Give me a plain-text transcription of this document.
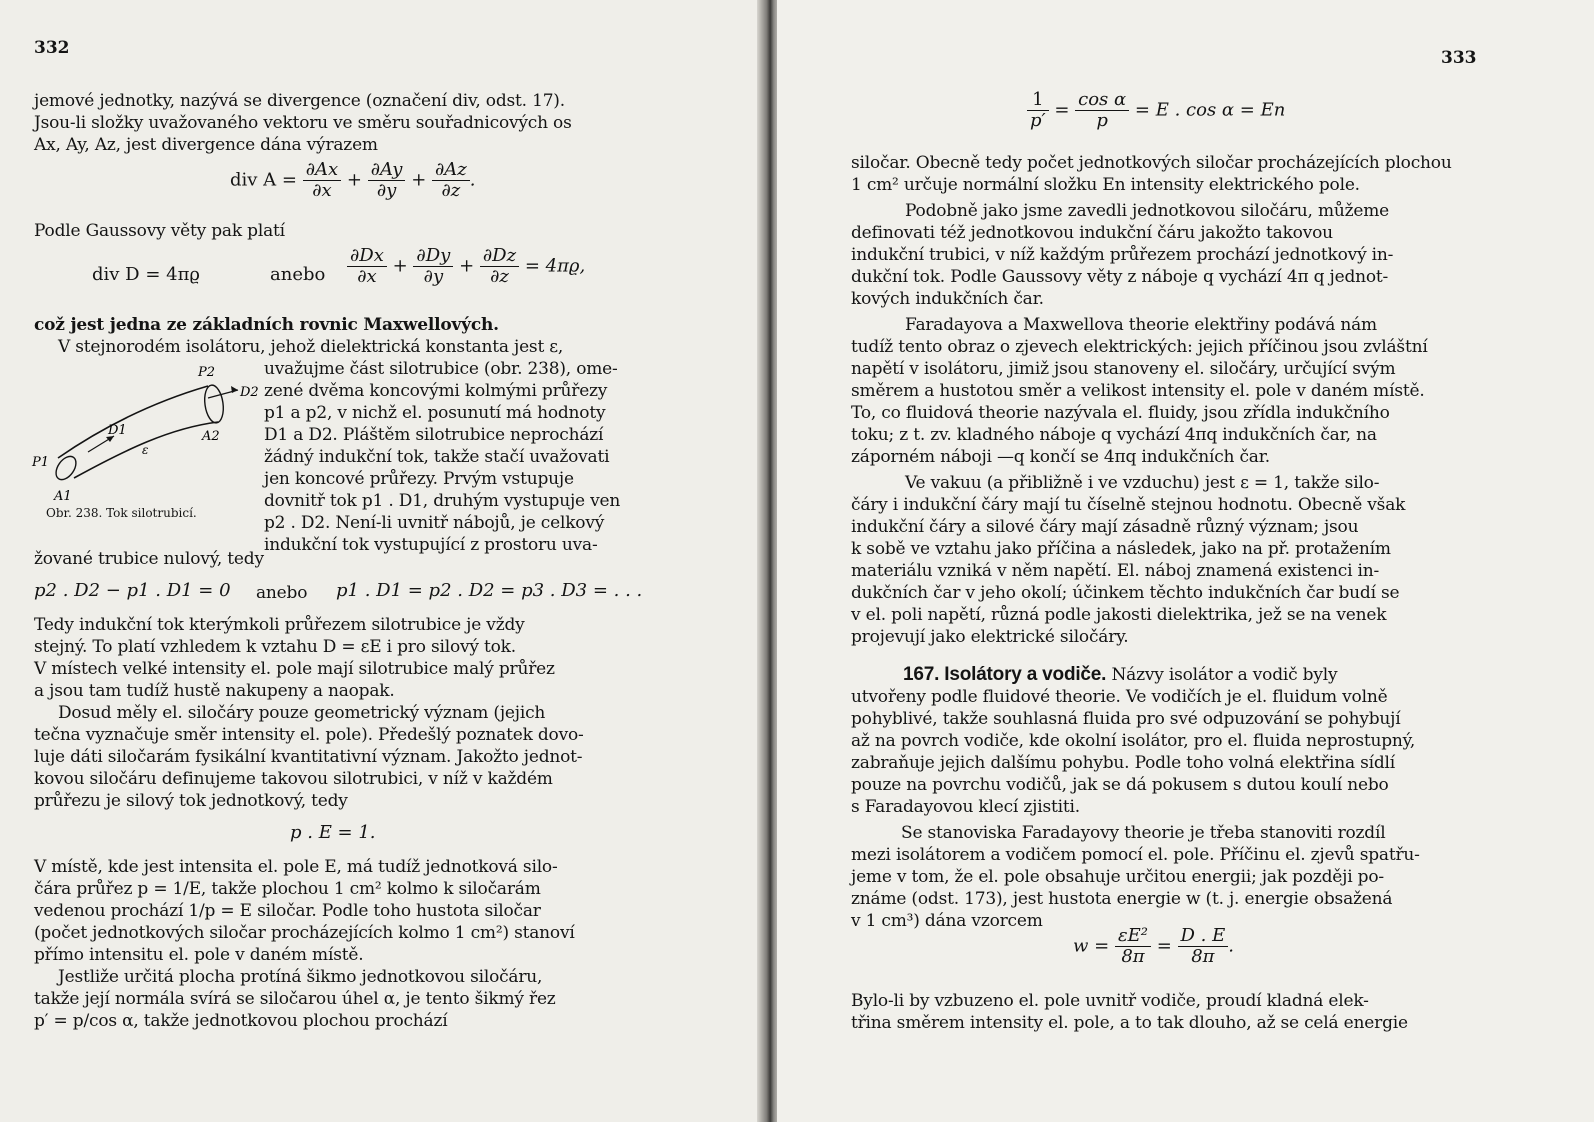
332
jemové jednotky, nazývá se divergence (označení div, odst. 17).
Jsou-li složky uvažovaného vektoru ve směru souřadnicových os
Ax, Ay, Az, jest divergence dána výrazem
div $A = \frac{\partial Ax}{\partial x} + \frac{\partial Ay}{\partial y} + \frac{\partial Az}{\partial z}$ .
Podle Gaussovy věty pak platí
div D = 4πϱ	anebo $\frac{\partial Dx}{\partial x} + \frac{\partial Dy}{\partial y} + \frac{\partial Dz}{\partial z} = 4\pi ϱ$,
což jest jedna ze základních rovnic Maxwellových.
V stejnorodém isolátoru, jehož dielektrická konstanta jest ε,
P2
D2
D1
ε
A2
P1
A1
Obr. 238. Tok silotrubicí.
uvažujme část silotrubice (obr. 238), ome-
zené dvěma koncovými kolmými průřezy
p1 a p2, v nichž el. posunutí má hodnoty
D1 a D2. Pláštěm silotrubice neprochází
žádný indukční tok, takže stačí uvažovati
jen koncové průřezy. Prvým vstupuje
dovnitř tok p1 . D1, druhým vystupuje ven
p2 . D2. Není-li uvnitř nábojů, je celkový
indukční tok vystupující z prostoru uva-
žované trubice nulový, tedy
p2 . D2 − p1 . D1 = 0 anebo p1 . D1 = p2 . D2 = p3 . D3 = . . .
Tedy indukční tok kterýmkoli průřezem silotrubice je vždy
stejný. To platí vzhledem k vztahu D = εE i pro silový tok.
V místech velké intensity el. pole mají silotrubice malý průřez
a jsou tam tudíž hustě nakupeny a naopak.
Dosud měly el. siločáry pouze geometrický význam (jejich
tečna vyznačuje směr intensity el. pole). Předešlý poznatek dovo-
luje dáti siločarám fysikální kvantitativní význam. Jakožto jednot-
kovou siločáru definujeme takovou silotrubici, v níž v každém
průřezu je silový tok jednotkový, tedy
p . E = 1.
V místě, kde jest intensita el. pole E, má tudíž jednotková silo-
čára průřez p = 1/E, takže plochou 1 cm² kolmo k siločarám
vedenou prochází 1/p = E siločar. Podle toho hustota siločar
(počet jednotkových siločar procházejících kolmo 1 cm²) stanoví
přímo intensitu el. pole v daném místě.
Jestliže určitá plocha protíná šikmo jednotkovou siločáru,
takže její normála svírá se siločarou úhel α, je tento šikmý řez
p′ = p/cos α, takže jednotkovou plochou prochází
333
$\frac{1}{p'} = \frac{\text{cos α}}{p} = E$ . cos α = En
siločar. Obecně tedy počet jednotkových siločar procházejících plochou
1 cm² určuje normální složku En intensity elektrického pole.
Podobně jako jsme zavedli jednotkovou siločáru, můžeme
definovati též jednotkovou indukční čáru jakožto takovou
indukční trubici, v níž každým průřezem prochází jednotkový in-
dukční tok. Podle Gaussovy věty z náboje q vychází 4π q jednot-
kových indukčních čar.
Faradayova a Maxwellova theorie elektřiny podává nám
tudíž tento obraz o zjevech elektrických: jejich příčinou jsou zvláštní
napětí v isolátoru, jimiž jsou stanoveny el. siločáry, určující svým
směrem a hustotou směr a velikost intensity el. pole v daném místě.
To, co fluidová theorie nazývala el. fluidy, jsou zřídla indukčního
toku; z t. zv. kladného náboje q vychází 4πq indukčních čar, na
záporném náboji —q končí se 4πq indukčních čar.
Ve vakuu (a přibližně i ve vzduchu) jest ε = 1, takže silo-
čáry i indukční čáry mají tu číselně stejnou hodnotu. Obecně však
indukční čáry a silové čáry mají zásadně různý význam; jsou
k sobě ve vztahu jako příčina a následek, jako na př. protažením
materiálu vzniká v něm napětí. El. náboj znamená existenci in-
dukčních čar v jeho okolí; účinkem těchto indukčních čar budí se
v el. poli napětí, různá podle jakosti dielektrika, jež se na venek
projevují jako elektrické siločáry.
167. Isolátory a vodiče. Názvy isolátor a vodič byly
utvořeny podle fluidové theorie. Ve vodičích je el. fluidum volně
pohyblivé, takže souhlasná fluida pro své odpuzování se pohybují
až na povrch vodiče, kde okolní isolátor, pro el. fluida neprostupný,
zabraňuje jejich dalšímu pohybu. Podle toho volná elektřina sídlí
pouze na povrchu vodičů, jak se dá pokusem s dutou koulí nebo
s Faradayovou klecí zjistiti.
Se stanoviska Faradayovy theorie je třeba stanoviti rozdíl
mezi isolátorem a vodičem pomocí el. pole. Příčinu el. zjevů spatřu-
jeme v tom, že el. pole obsahuje určitou energii; jak později po-
známe (odst. 173), jest hustota energie w (t. j. energie obsažená
v 1 cm³) dána vzorcem
$w = \frac{\text{εE²}}{8\pi} = \frac{D . E}{8\pi}$ .
Bylo-li by vzbuzeno el. pole uvnitř vodiče, proudí kladná elek-
třina směrem intensity el. pole, a to tak dlouho, až se celá energie
